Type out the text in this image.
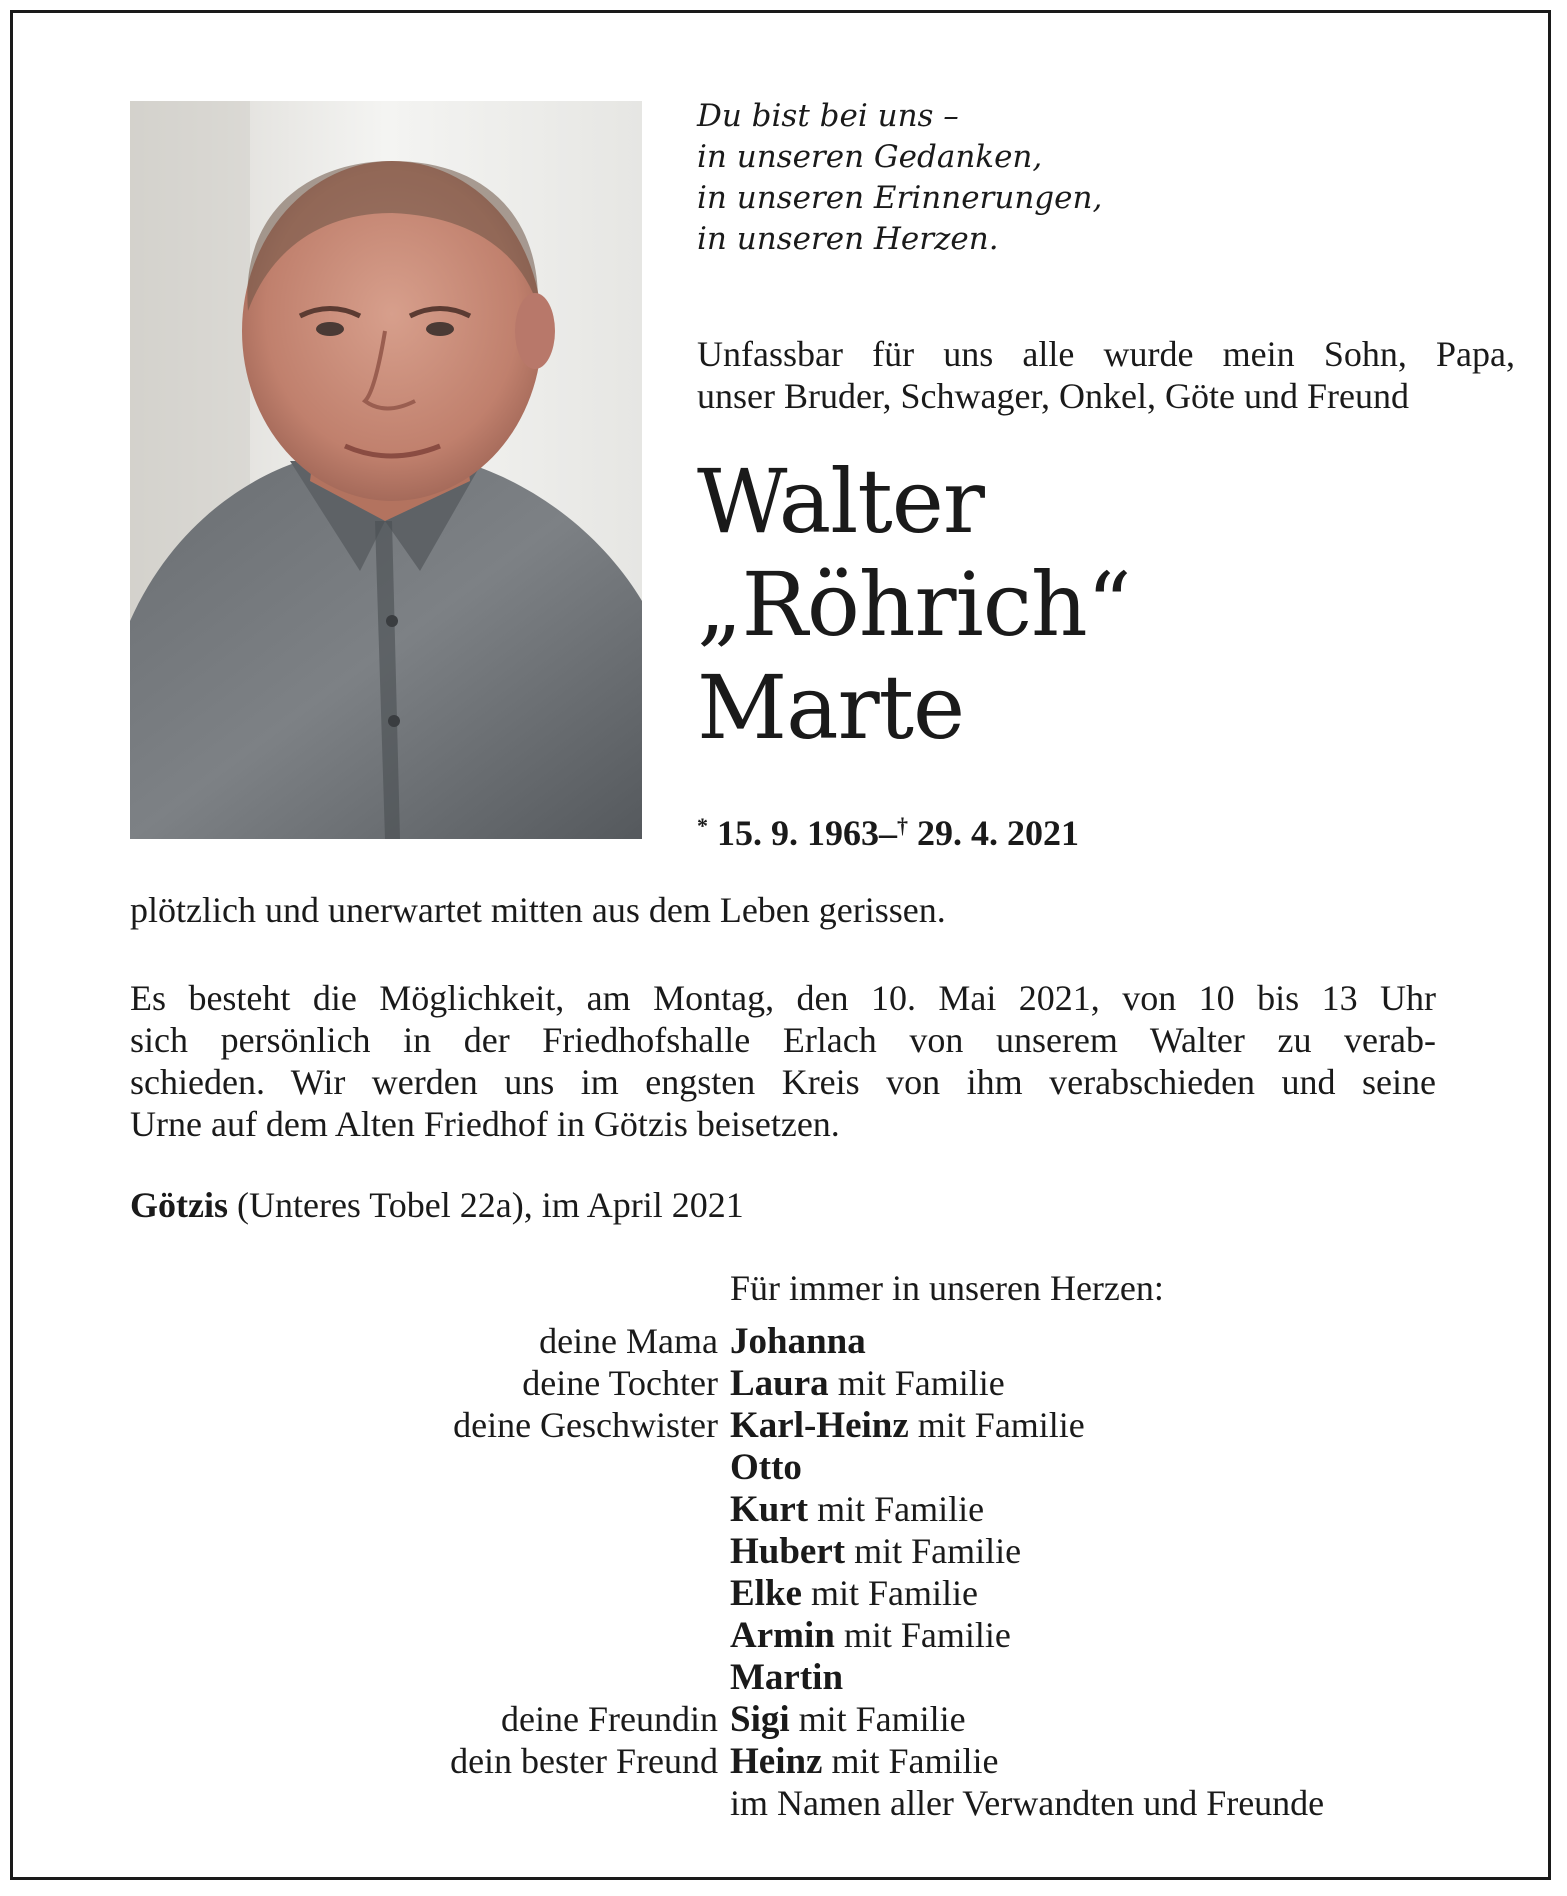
Du bist bei uns –
in unseren Gedanken,
in unseren Erinnerungen,
in unseren Herzen.
Unfassbar für uns alle wurde mein Sohn, Papa,
unser Bruder, Schwager, Onkel, Göte und Freund
Walter
„Röhrich“
Marte
* 15. 9. 1963–† 29. 4. 2021
plötzlich und unerwartet mitten aus dem Leben gerissen.
Es besteht die Möglichkeit, am Montag, den 10. Mai 2021, von 10 bis 13 Uhr
sich persönlich in der Friedhofshalle Erlach von unserem Walter zu verab-
schieden. Wir werden uns im engsten Kreis von ihm verabschieden und seine
Urne auf dem Alten Friedhof in Götzis beisetzen.
Götzis (Unteres Tobel 22a), im April 2021
Für immer in unseren Herzen:
deine Mama Johanna
deine Tochter Laura mit Familie
deine Geschwister Karl-Heinz mit Familie
Otto
Kurt mit Familie
Hubert mit Familie
Elke mit Familie
Armin mit Familie
Martin
deine Freundin Sigi mit Familie
dein bester Freund Heinz mit Familie
im Namen aller Verwandten und Freunde
